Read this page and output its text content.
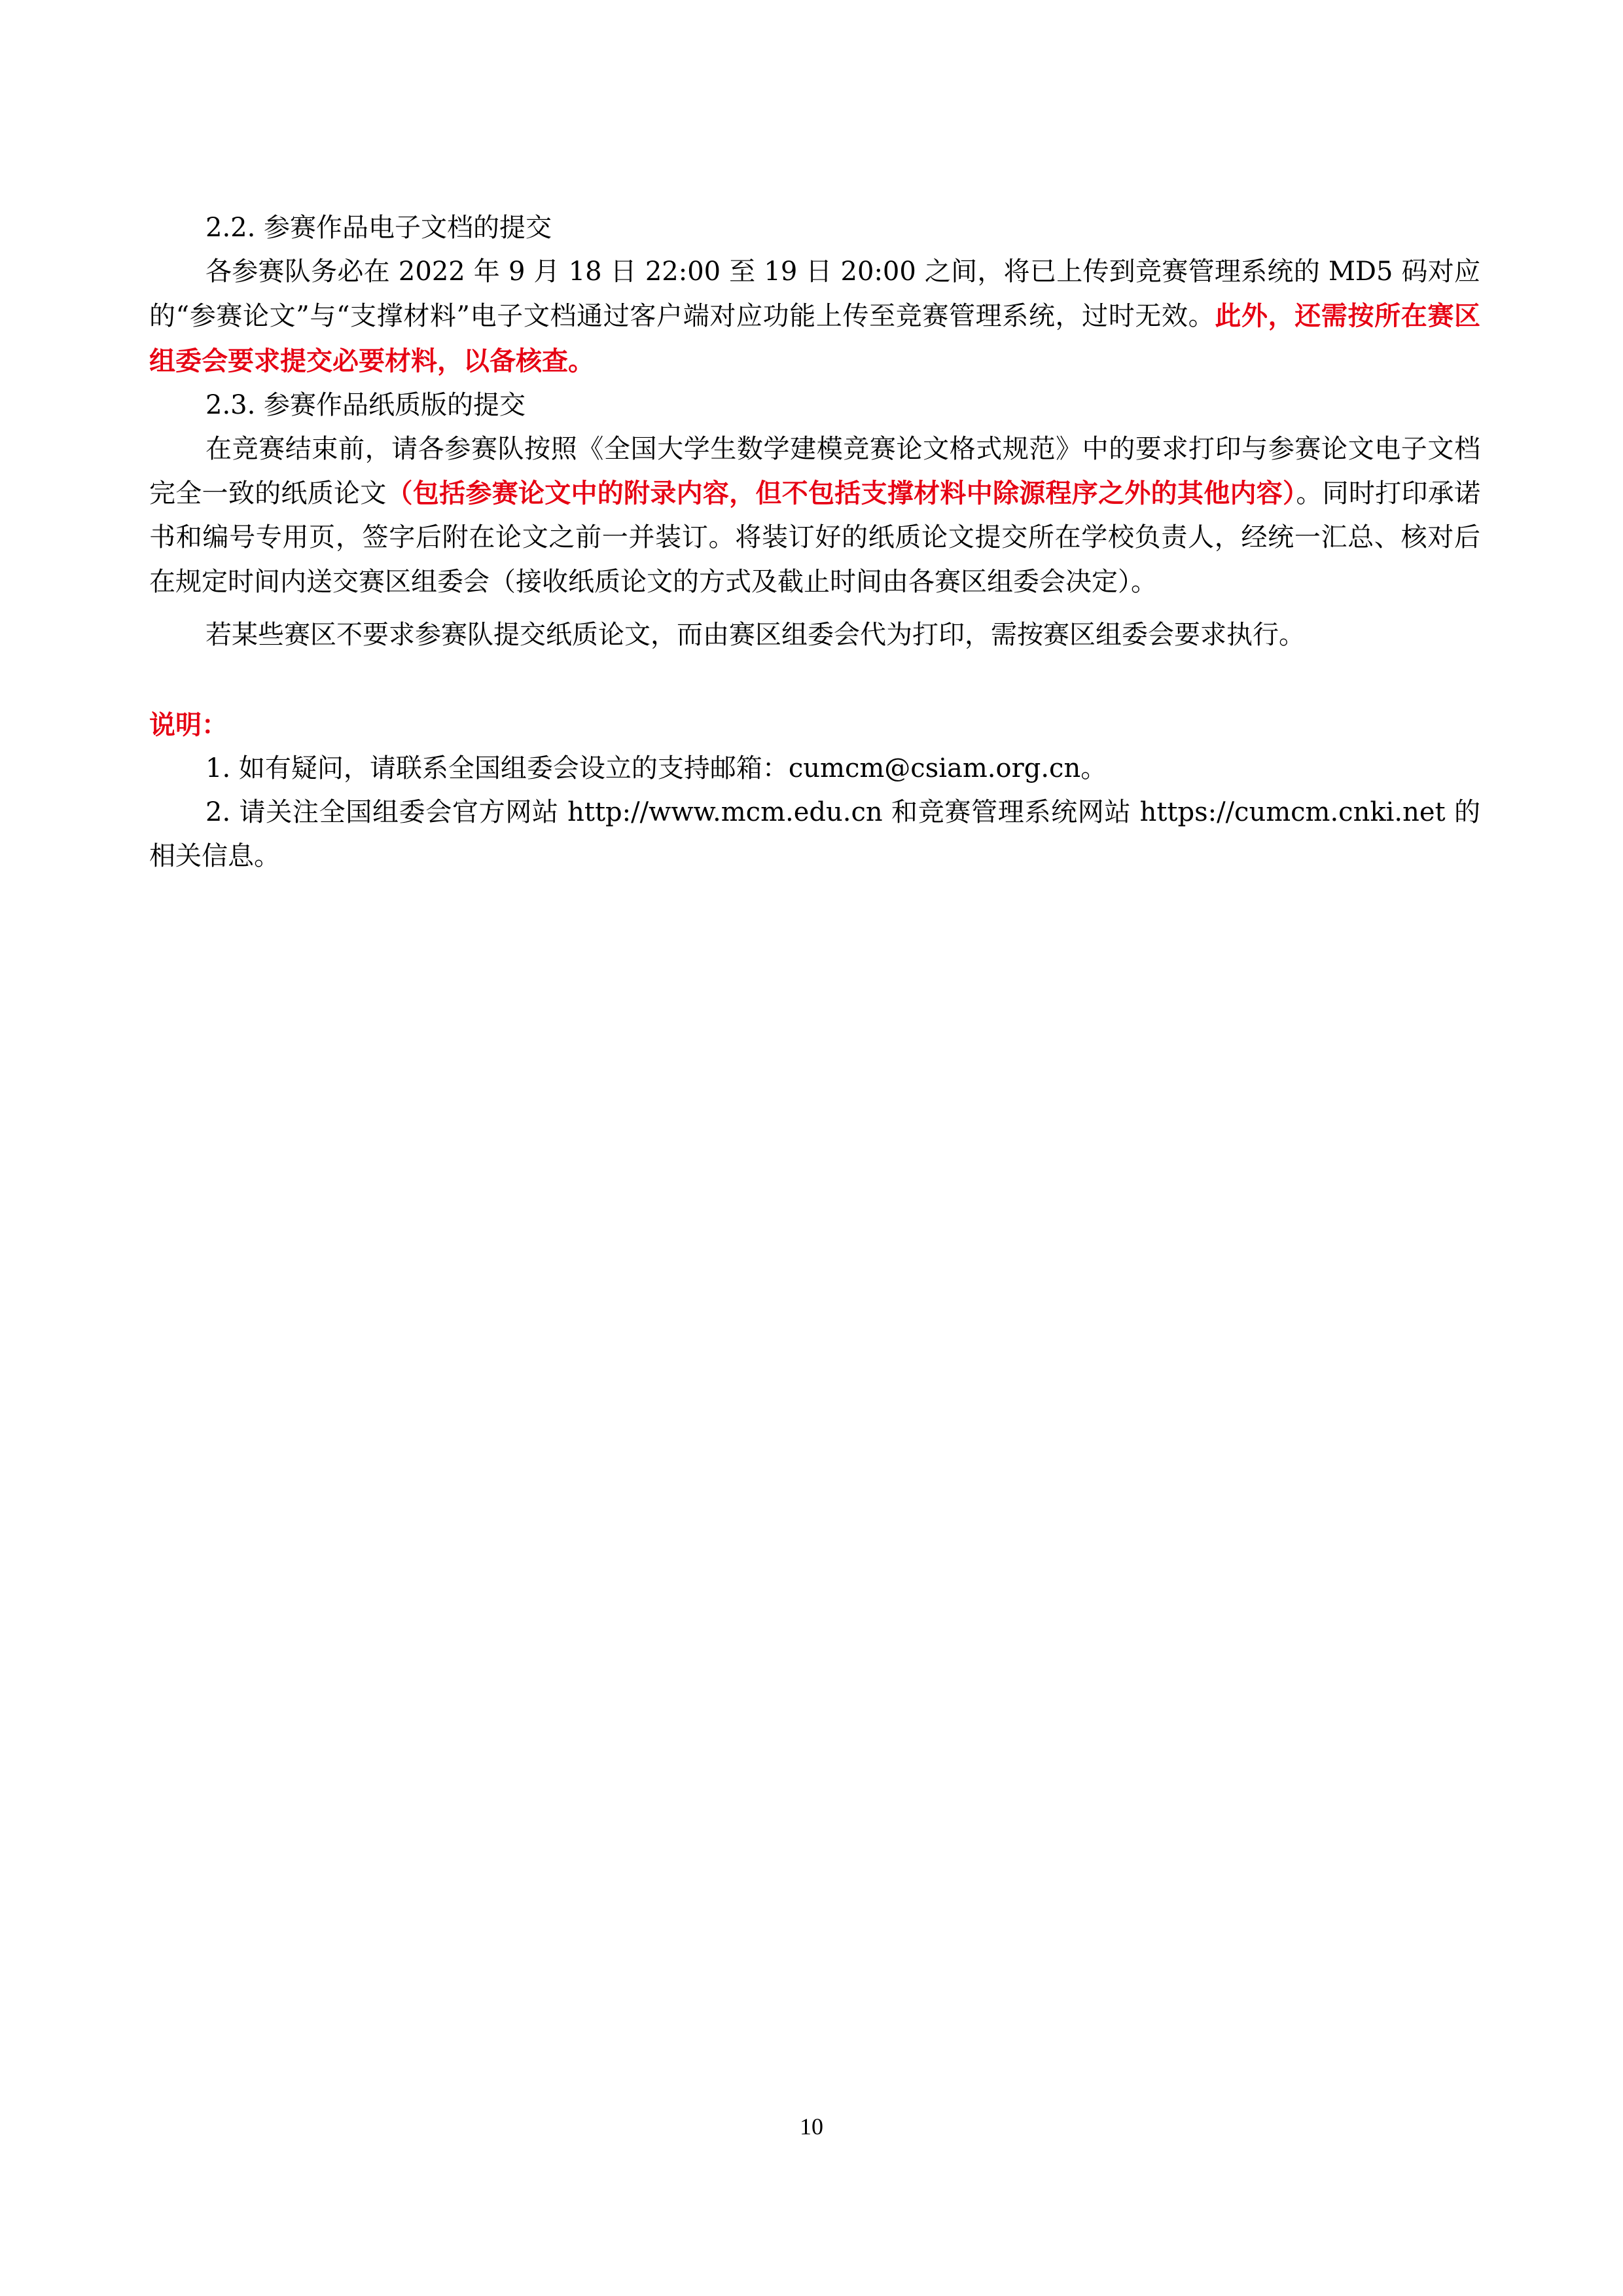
2.2. 参赛作品电子文档的提交

各参赛队务必在 2022 年 9 月 18 日 22:00 至 19 日 20:00 之间，将已上传到竞赛管理系统的 MD5 码对应的“参赛论文”与“支撑材料”电子文档通过客户端对应功能上传至竞赛管理系统，过时无效。此外，还需按所在赛区组委会要求提交必要材料，以备核查。

2.3. 参赛作品纸质版的提交

在竞赛结束前，请各参赛队按照《全国大学生数学建模竞赛论文格式规范》中的要求打印与参赛论文电子文档完全一致的纸质论文（包括参赛论文中的附录内容，但不包括支撑材料中除源程序之外的其他内容）。同时打印承诺书和编号专用页，签字后附在论文之前一并装订。将装订好的纸质论文提交所在学校负责人，经统一汇总、核对后在规定时间内送交赛区组委会（接收纸质论文的方式及截止时间由各赛区组委会决定）。

若某些赛区不要求参赛队提交纸质论文，而由赛区组委会代为打印，需按赛区组委会要求执行。

说明：

1. 如有疑问，请联系全国组委会设立的支持邮箱：cumcm@csiam.org.cn。

2. 请关注全国组委会官方网站 http://www.mcm.edu.cn 和竞赛管理系统网站 https://cumcm.cnki.net 的相关信息。

10
